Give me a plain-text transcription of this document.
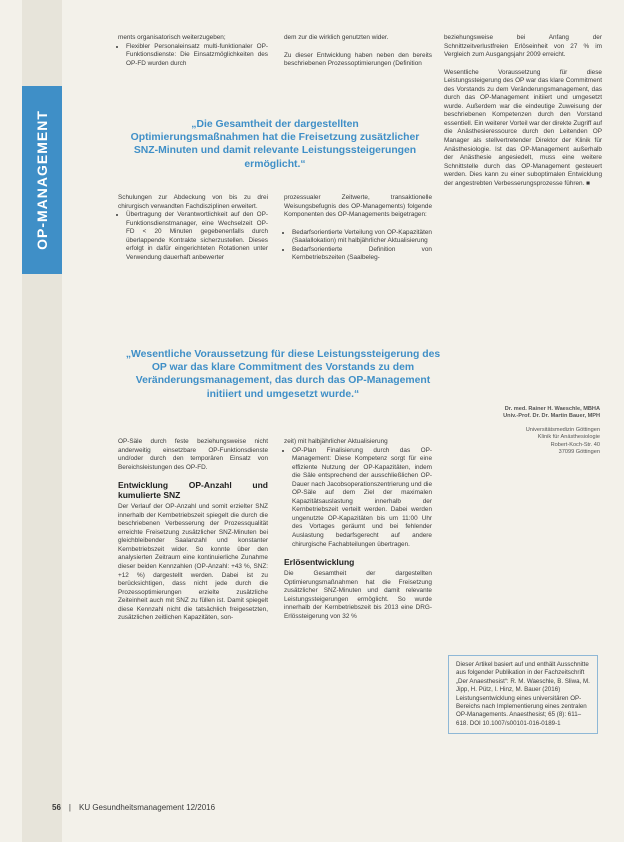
OP-MANAGEMENT

ments organisatorisch weiterzugeben;

• Flexibler Personaleinsatz multi-funktionaler OP-Funktionsdienste: Die Einsatzmöglichkeiten des OP-FD wurden durch

dem zur die wirklich genutzten wider.

Zu dieser Entwicklung haben neben den bereits beschriebenen Prozessoptimierungen (Definition

beziehungsweise bei Anfang der Schnittzeitverlustfreien Erlöseinheit von 27 % im Vergleich zum Ausgangsjahr 2009 erreicht.

Wesentliche Voraussetzung für diese Leistungssteigerung des OP war das klare Commitment des Vorstands zu dem Veränderungsmanagement, das durch das OP-Management initiiert und umgesetzt wurde. Außerdem war die eindeutige Zuweisung der beschriebenen Kompetenzen durch den Vorstand essentiell. Ein weiterer Vorteil war der direkte Zugriff auf die Anästhesieressource durch den Leitenden OP Manager als stellvertretender Direktor der Klinik für Anästhesiologie. Ist das OP-Management außerhalb der Anästhesie angesiedelt, muss eine weitere Schnittstelle durch das OP-Management gesteuert werden. Dies kann zu einer suboptimalen Entwicklung der angestrebten Verbesserungsprozesse führen. ■

„Die Gesamtheit der dargestellten Optimierungsmaßnahmen hat die Freisetzung zusätzlicher SNZ-Minuten und damit relevante Leistungssteigerungen ermöglicht.“

Schulungen zur Abdeckung von bis zu drei chirurgisch verwandten Fachdisziplinen erweitert.

• Übertragung der Verantwortlichkeit auf den OP-Funktionsdienstmanager, eine Wechselzeit OP-FD < 20 Minuten gegebenenfalls durch überlappende Kontrakte sicherzustellen. Dieses erfolgt in dafür eingerichteten Rotationen unter Verwendung dauerhaft anbewerter

prozessualer Zeitwerte, transaktionelle Weisungsbefugnis des OP-Managements) folgende Komponenten des OP-Managements beigetragen:

• Bedarfsorientierte Verteilung von OP-Kapazitäten (Saalallokation) mit halbjährlicher Aktualisierung
• Bedarfsorientierte Definition von Kernbetriebszeiten (Saalbeleg-
„Wesentliche Voraussetzung für diese Leistungssteigerung des OP war das klare Commitment des Vorstands zu dem Veränderungsmanagement, das durch das OP-Management initiiert und umgesetzt wurde.“

OP-Säle durch feste beziehungsweise nicht anderweitig einsetzbare OP-Funktionsdienste und/oder durch den temporären Einsatz von Bereichsleistungen des OP-FD.

Entwicklung OP-Anzahl und kumulierte SNZ

Der Verlauf der OP-Anzahl und somit erzielter SNZ innerhalb der Kernbetriebszeit spiegelt die durch die beschriebenen Verbesserung der Prozessqualität erreichte Freisetzung zusätzlicher SNZ-Minuten bei gleichbleibender Saalanzahl und konstanter Kernbetriebszeit wider. So konnte über den analysierten Zeitraum eine kontinuierliche Zunahme dieser beiden Kennzahlen (OP-Anzahl: +43 %, SNZ: +12 %) dargestellt werden. Dabei ist zu berücksichtigen, dass nicht jede durch die Prozessoptimierungen erzielte zusätzliche Zeiteinheit auch mit SNZ zu füllen ist. Damit spiegelt diese Kennzahl nicht die tatsächlich freigesetzten, zusätzlichen zeitlichen Kapazitäten, son-

zeit) mit halbjährlicher Aktualisierung

• OP-Plan Finalisierung durch das OP-Management: Diese Kompetenz sorgt für eine effiziente Nutzung der OP-Kapazitäten, indem die Säle entsprechend der ausschließlichen OP-Dauer nach Jacobsoperationszentrierung und die OP-Säle auf dem Ziel der maximalen Kapazitätsauslastung innerhalb der Kernbetriebszeit verteilt werden. Dabei werden ungenutzte OP-Kapazitäten bis um 11:00 Uhr des Vortages geräumt und bei fehlender Auslastung bedarfsgerecht auf andere chirurgische Fachabteilungen übertragen.
Erlösentwicklung

Die Gesamtheit der dargestellten Optimierungsmaßnahmen hat die Freisetzung zusätzlicher SNZ-Minuten und damit relevante Leistungssteigerungen ermöglicht. So wurde innerhalb der Kernbetriebszeit bis 2013 eine DRG-Erlössteigerung von 32 %

Dr. med. Rainer H. Waeschle, MBHA
Univ.-Prof. Dr. Dr. Martin Bauer, MPH
Universitätsmedizin Göttingen
Klinik für Anästhesiologie
Robert-Koch-Str. 40
37099 Göttingen
Dieser Artikel basiert auf und enthält Ausschnitte aus folgender Publikation in der Fachzeitschrift „Der Anaesthesist“: R. M. Waeschle, B. Sliwa, M. Jipp, H. Pütz, I. Hinz, M. Bauer (2016) Leistungsentwicklung eines universitären OP-Bereichs nach Implementierung eines zentralen OP-Managements. Anaesthesist; 65 (8): 611–618. DOI 10.1007/s00101-016-0189-1
56 | KU Gesundheitsmanagement 12/2016
